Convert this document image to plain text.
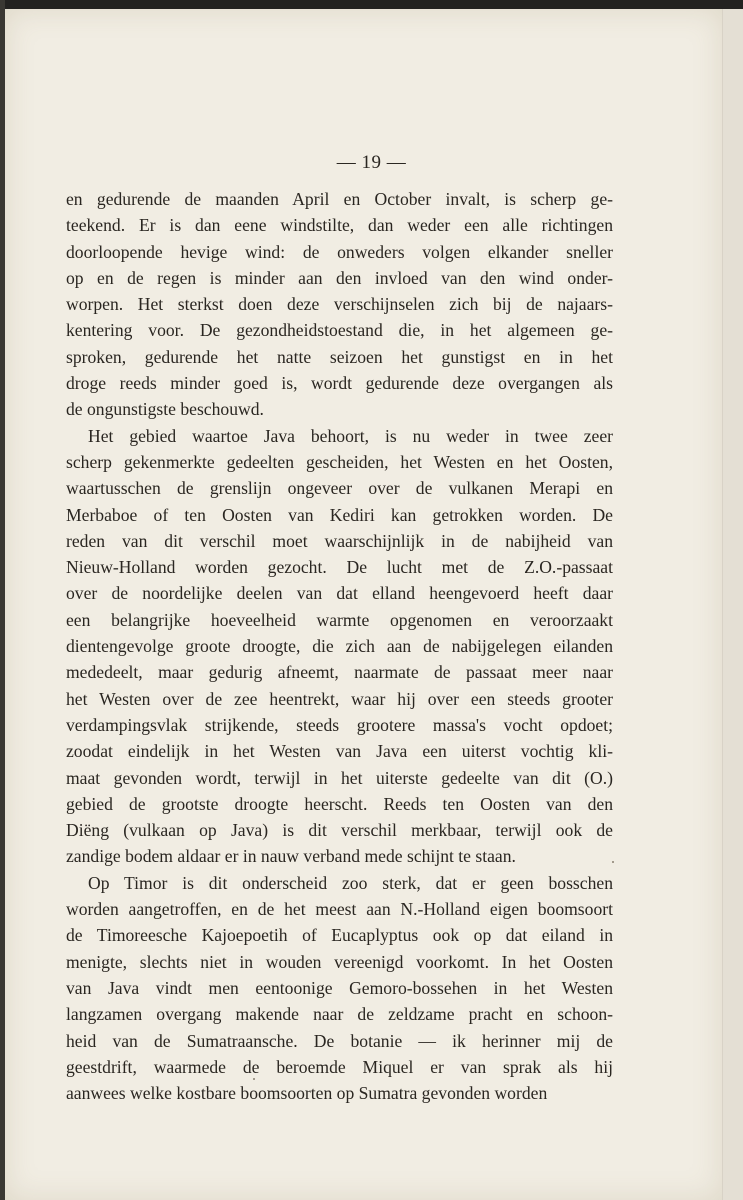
— 19 —
en gedurende de maanden April en October invalt, is scherp ge-
teekend. Er is dan eene windstilte, dan weder een alle richtingen
doorloopende hevige wind: de onweders volgen elkander sneller
op en de regen is minder aan den invloed van den wind onder-
worpen. Het sterkst doen deze verschijnselen zich bij de najaars-
kentering voor. De gezondheidstoestand die, in het algemeen ge-
sproken, gedurende het natte seizoen het gunstigst en in het
droge reeds minder goed is, wordt gedurende deze overgangen als
de ongunstigste beschouwd.
Het gebied waartoe Java behoort, is nu weder in twee zeer
scherp gekenmerkte gedeelten gescheiden, het Westen en het Oosten,
waartusschen de grenslijn ongeveer over de vulkanen Merapi en
Merbaboe of ten Oosten van Kediri kan getrokken worden. De
reden van dit verschil moet waarschijnlijk in de nabijheid van
Nieuw-Holland worden gezocht. De lucht met de Z.O.-passaat
over de noordelijke deelen van dat elland heengevoerd heeft daar
een belangrijke hoeveelheid warmte opgenomen en veroorzaakt
dientengevolge groote droogte, die zich aan de nabijgelegen eilanden
mededeelt, maar gedurig afneemt, naarmate de passaat meer naar
het Westen over de zee heentrekt, waar hij over een steeds grooter
verdampingsvlak strijkende, steeds grootere massa's vocht opdoet;
zoodat eindelijk in het Westen van Java een uiterst vochtig kli-
maat gevonden wordt, terwijl in het uiterste gedeelte van dit (O.)
gebied de grootste droogte heerscht. Reeds ten Oosten van den
Diëng (vulkaan op Java) is dit verschil merkbaar, terwijl ook de
zandige bodem aldaar er in nauw verband mede schijnt te staan.
Op Timor is dit onderscheid zoo sterk, dat er geen bosschen
worden aangetroffen, en de het meest aan N.-Holland eigen boomsoort
de Timoreesche Kajoepoetih of Eucaplyptus ook op dat eiland in
menigte, slechts niet in wouden vereenigd voorkomt. In het Oosten
van Java vindt men eentoonige Gemoro-bossehen in het Westen
langzamen overgang makende naar de zeldzame pracht en schoon-
heid van de Sumatraansche. De botanie — ik herinner mij de
geestdrift, waarmede de beroemde Miquel er van sprak als hij
aanwees welke kostbare boomsoorten op Sumatra gevonden worden
